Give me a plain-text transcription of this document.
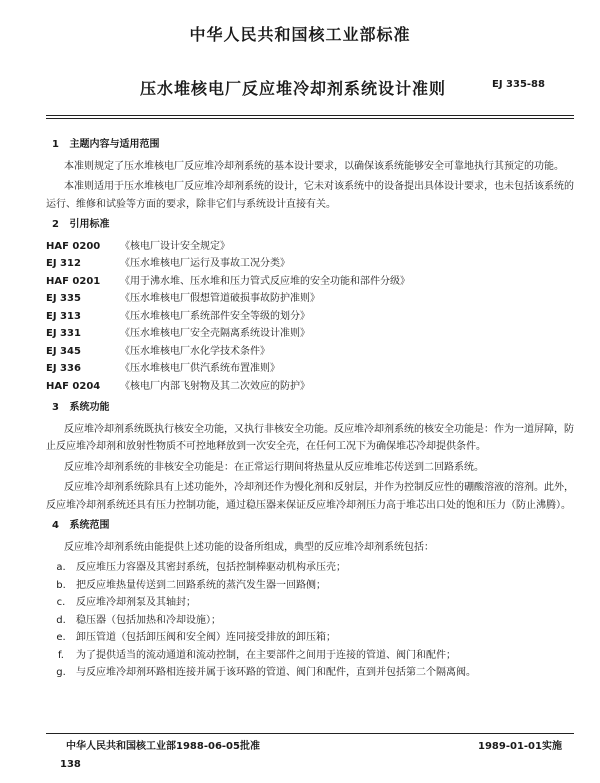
中华人民共和国核工业部标准
压水堆核电厂反应堆冷却剂系统设计准则	EJ 335-88
1 主题内容与适用范围

本准则规定了压水堆核电厂反应堆冷却剂系统的基本设计要求，以确保该系统能够安全可靠地执行其预定的功能。

本准则适用于压水堆核电厂反应堆冷却剂系统的设计，它未对该系统中的设备提出具体设计要求，也未包括该系统的运行、维修和试验等方面的要求，除非它们与系统设计直接有关。

2 引用标准
HAF 0200	《核电厂设计安全规定》
EJ 312	《压水堆核电厂运行及事故工况分类》
HAF 0201	《用于沸水堆、压水堆和压力管式反应堆的安全功能和部件分级》
EJ 335	《压水堆核电厂假想管道破损事故防护准则》
EJ 313	《压水堆核电厂系统部件安全等级的划分》
EJ 331	《压水堆核电厂安全壳隔离系统设计准则》
EJ 345	《压水堆核电厂水化学技术条件》
EJ 336	《压水堆核电厂供汽系统布置准则》
HAF 0204	《核电厂内部飞射物及其二次效应的防护》
3 系统功能

反应堆冷却剂系统既执行核安全功能，又执行非核安全功能。反应堆冷却剂系统的核安全功能是：作为一道屏障，防止反应堆冷却剂和放射性物质不可控地释放到一次安全壳，在任何工况下为确保堆芯冷却提供条件。

反应堆冷却剂系统的非核安全功能是：在正常运行期间将热量从反应堆堆芯传送到二回路系统。

反应堆冷却剂系统除具有上述功能外，冷却剂还作为慢化剂和反射层，并作为控制反应性的硼酸溶液的溶剂。此外，反应堆冷却剂系统还具有压力控制功能，通过稳压器来保证反应堆冷却剂压力高于堆芯出口处的饱和压力（防止沸腾）。

4 系统范围

反应堆冷却剂系统由能提供上述功能的设备所组成，典型的反应堆冷却剂系统包括：

a.	反应堆压力容器及其密封系统，包括控制棒驱动机构承压壳；
b.	把反应堆热量传送到二回路系统的蒸汽发生器一回路侧；
c.	反应堆冷却剂泵及其轴封；
d.	稳压器（包括加热和冷却设施）；
e.	卸压管道（包括卸压阀和安全阀）连同接受排放的卸压箱；
f.	为了提供适当的流动通道和流动控制，在主要部件之间用于连接的管道、阀门和配件；
g.	与反应堆冷却剂环路相连接并属于该环路的管道、阀门和配件，直到并包括第二个隔离阀。
中华人民共和国核工业部1988-06-05批准	1989-01-01实施
138
